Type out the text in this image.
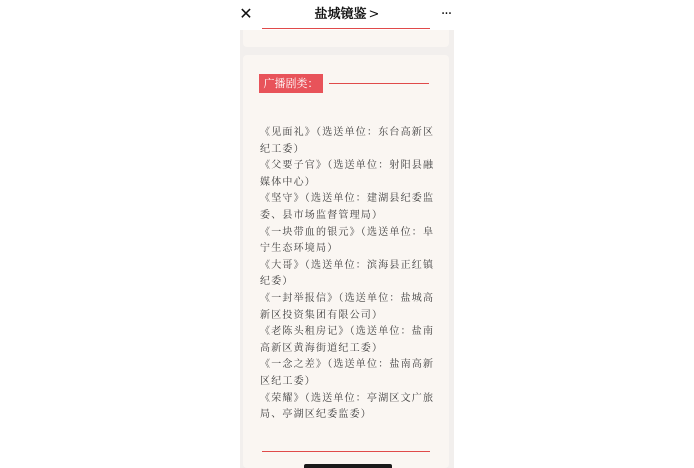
✕	盐城镜鉴 >	···
广播剧类：
《见面礼》（选送单位：东台高新区
纪工委）
《父要子官》（选送单位：射阳县融
媒体中心）
《坚守》（选送单位：建湖县纪委监
委、县市场监督管理局）
《一块带血的银元》（选送单位：阜
宁生态环境局）
《大哥》（选送单位：滨海县正红镇
纪委）
《一封举报信》（选送单位：盐城高
新区投资集团有限公司）
《老陈头租房记》（选送单位：盐南
高新区黄海街道纪工委）
《一念之差》（选送单位：盐南高新
区纪工委）
《荣耀》（选送单位：亭湖区文广旅
局、亭湖区纪委监委）
